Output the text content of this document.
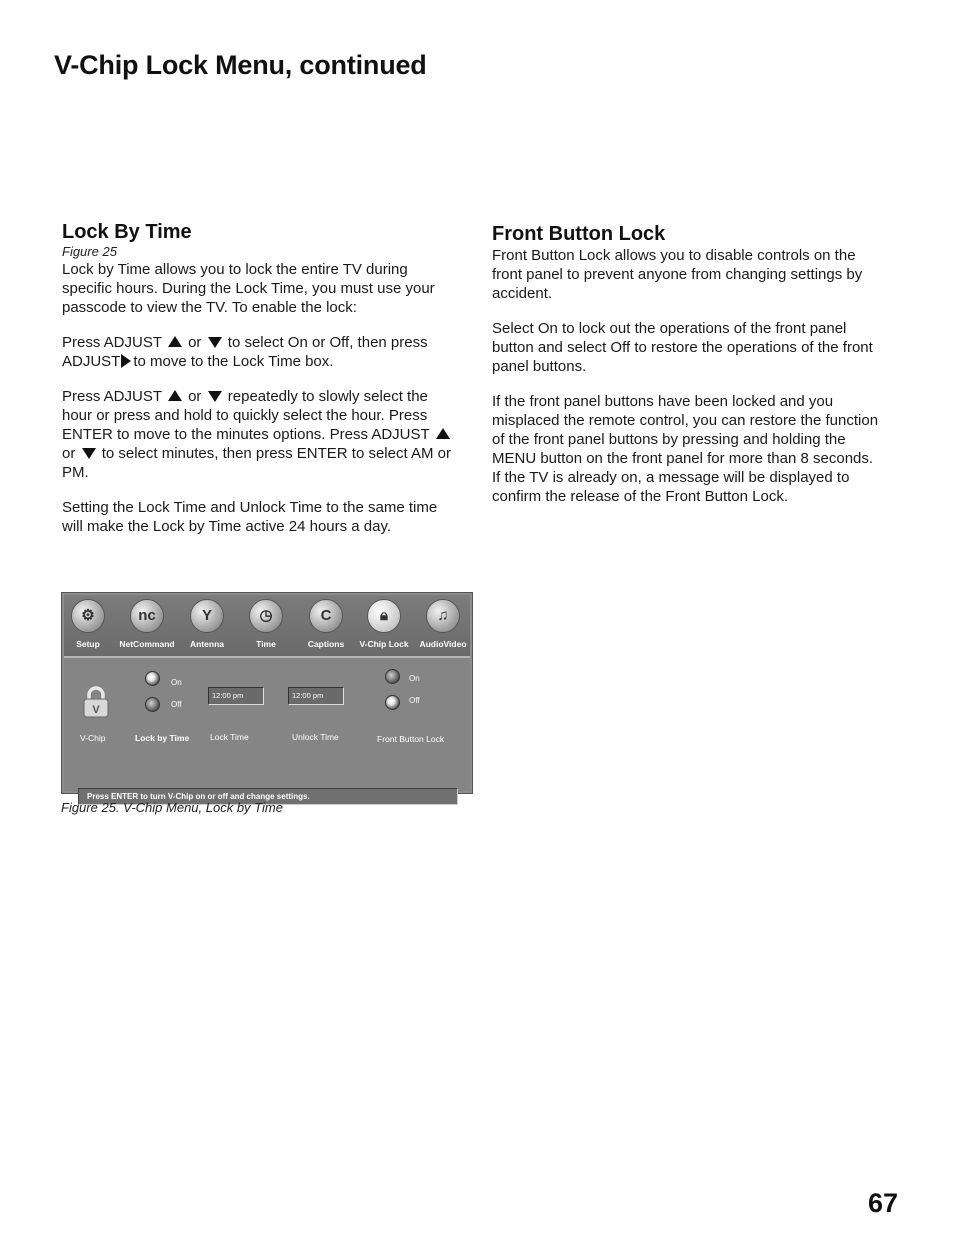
V-Chip Lock Menu, continued
Lock By Time
Figure 25

Lock by Time allows you to lock the entire TV during specific hours. During the Lock Time, you must use your passcode to view the TV. To enable the lock:

Press ADJUST or to select On or Off, then press ADJUST to move to the Lock Time box.

Press ADJUST or repeatedly to slowly select the hour or press and hold to quickly select the hour. Press ENTER to move to the minutes options. Press ADJUST  or to select minutes, then press ENTER to select AM or PM.

Setting the Lock Time and Unlock Time to the same time will make the Lock by Time active 24 hours a day.

Front Button Lock

Front Button Lock allows you to disable controls on the front panel to prevent anyone from changing settings by accident.

Select On to lock out the operations of the front panel button and select Off to restore the operations of the front panel buttons.

If the front panel buttons have been locked and you misplaced the remote control, you can restore the function of the front panel buttons by pressing and holding the MENU button on the front panel for more than 8 seconds. If the TV is already on, a message will be displayed to confirm the release of the Front Button Lock.

⚙
Setup
nc
NetCommand
Y
Antenna
◷
Time
C
Captions
🔒︎
V-Chip Lock
♫
AudioVideo
V
V-Chip
On
Off
Lock by Time
12:00 pm
Lock Time
12:00 pm
Unlock Time
On
Off
Front Button Lock
Press ENTER to turn V-Chip on or off and change settings.
Figure 25. V-Chip Menu, Lock by Time
67
